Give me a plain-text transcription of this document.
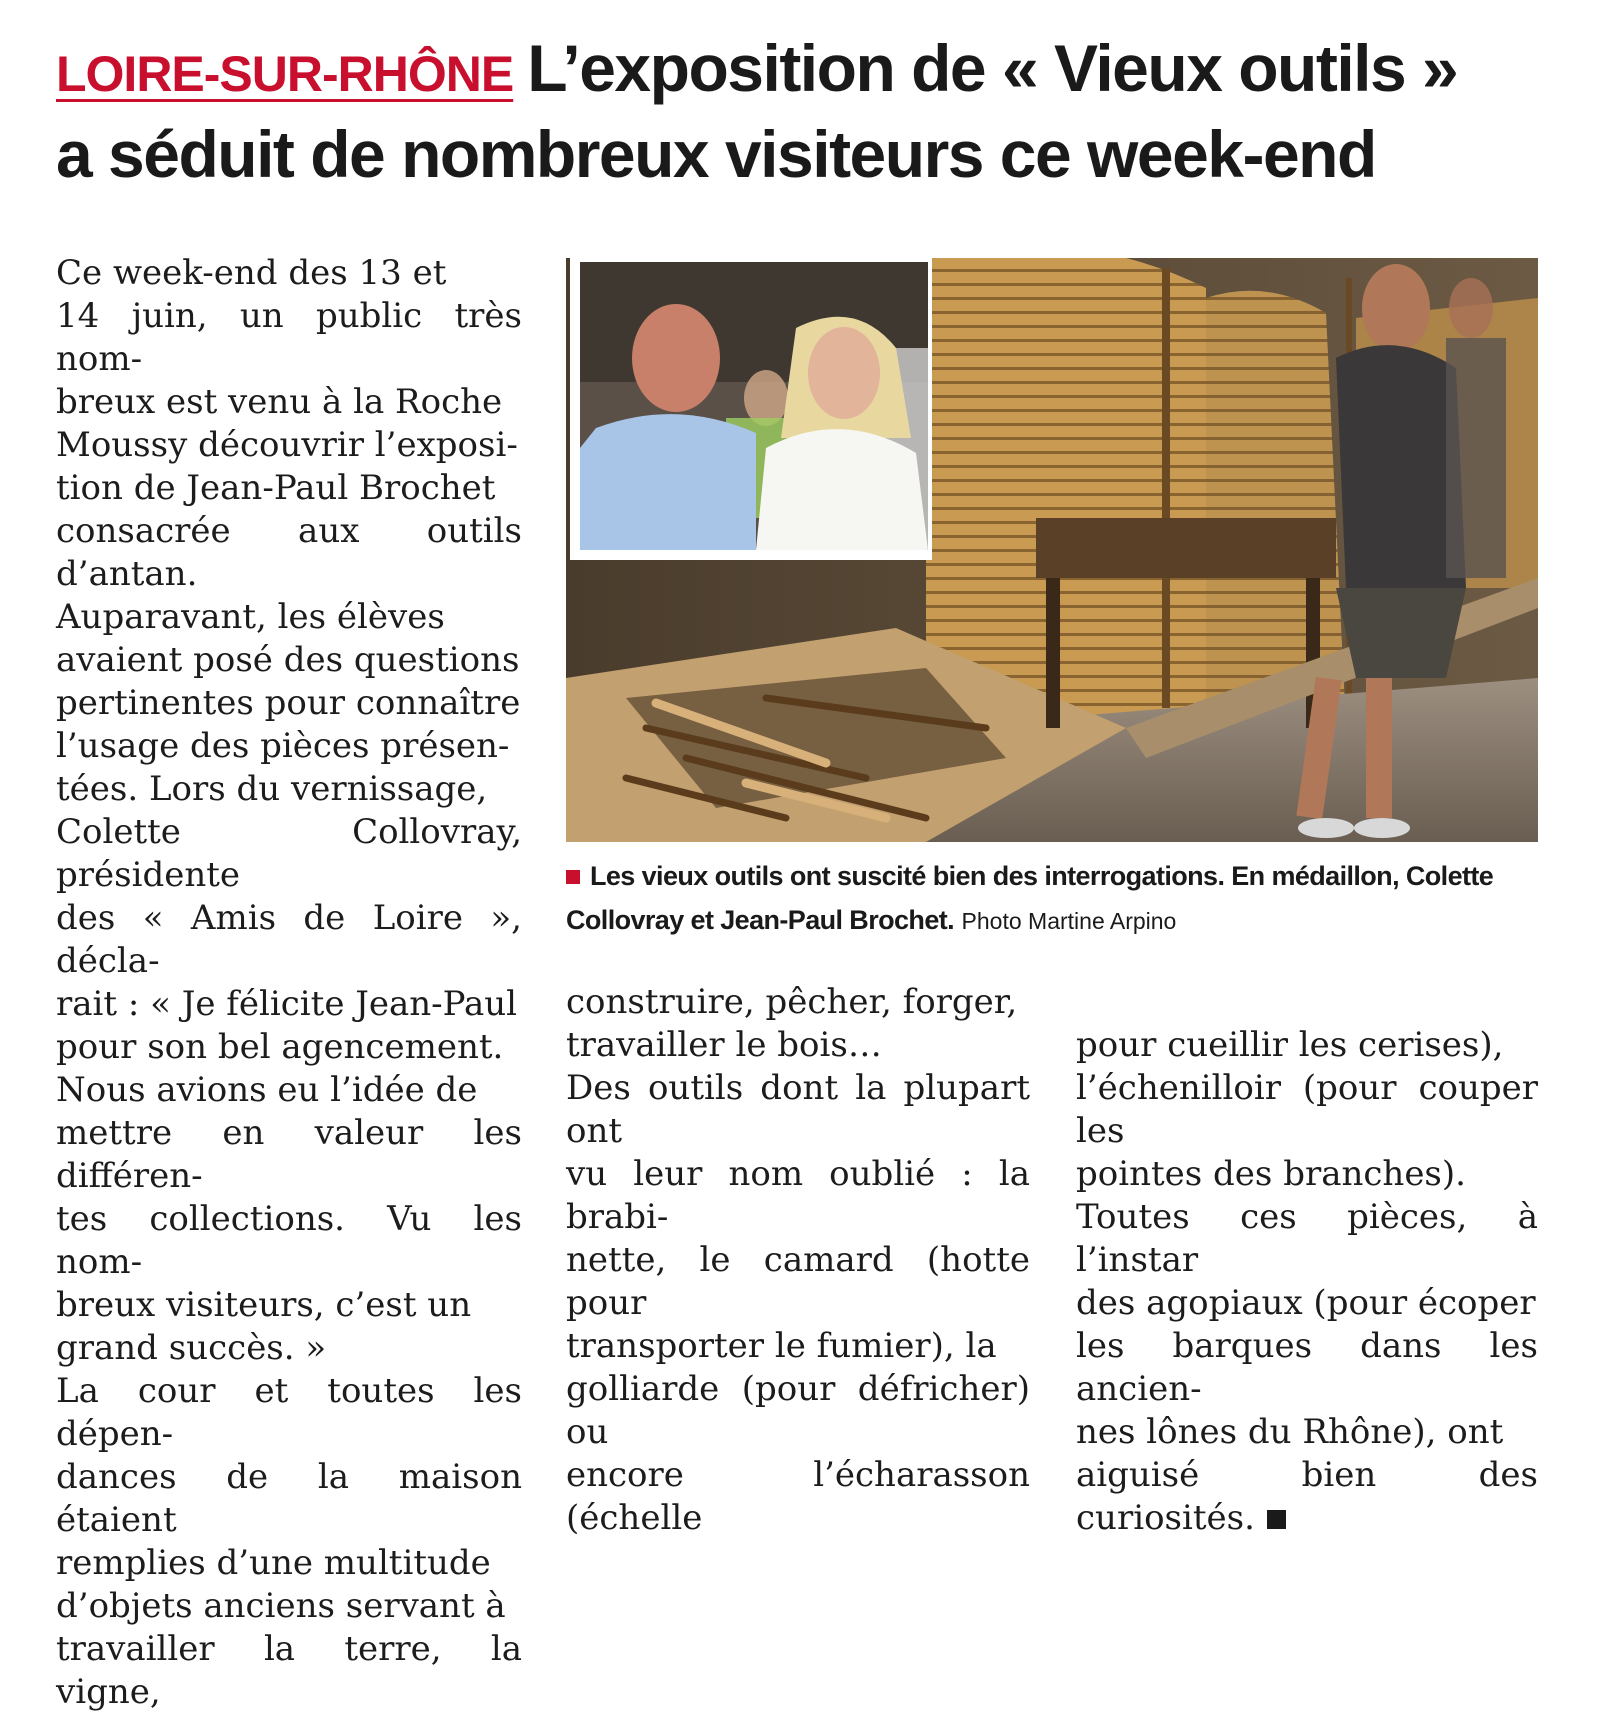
LOIRE-SUR-RHÔNE L’exposition de « Vieux outils »
a séduit de nombreux visiteurs ce week-end
Ce week-end des 13 et
14 juin, un public très nom-
breux est venu à la Roche
Moussy découvrir l’exposi-
tion de Jean-Paul Brochet
consacrée aux outils d’antan.
Auparavant, les élèves
avaient posé des questions
pertinentes pour connaître
l’usage des pièces présen-
tées. Lors du vernissage,
Colette Collovray, présidente
des « Amis de Loire », décla-
rait : « Je félicite Jean-Paul
pour son bel agencement.
Nous avions eu l’idée de
mettre en valeur les différen-
tes collections. Vu les nom-
breux visiteurs, c’est un
grand succès. »
La cour et toutes les dépen-
dances de la maison étaient
remplies d’une multitude
d’objets anciens servant à
travailler la terre, la vigne,
Les vieux outils ont suscité bien des interrogations. En médaillon, Colette Collovray et Jean-Paul Brochet. Photo Martine Arpino
construire, pêcher, forger,
travailler le bois…
Des outils dont la plupart ont
vu leur nom oublié : la brabi-
nette, le camard (hotte pour
transporter le fumier), la
golliarde (pour défricher) ou
encore l’écharasson (échelle

pour cueillir les cerises),
l’échenilloir (pour couper les
pointes des branches).
Toutes ces pièces, à l’instar
des agopiaux (pour écoper
les barques dans les ancien-
nes lônes du Rhône), ont
aiguisé bien des curiosités.
